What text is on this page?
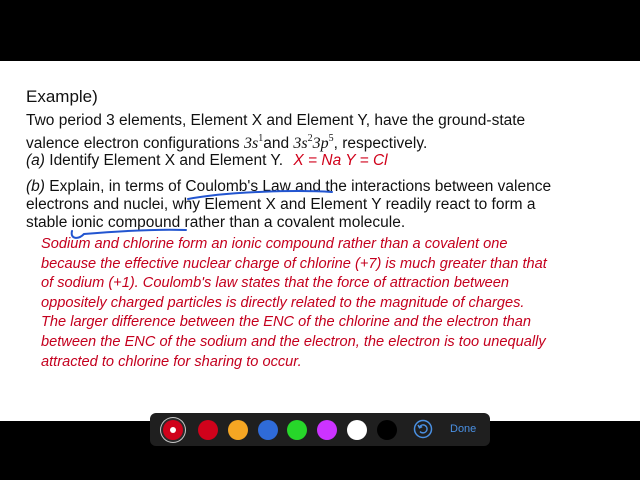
Example)
Two period 3 elements, Element X and Element Y, have the ground-state
valence electron configurations $3s^1and$ $3s^23p^5$, respectively.
(a) Identify Element X and Element Y. X = Na Y = Cl
(b) Explain, in terms of Coulomb's Law and the interactions between valence
electrons and nuclei, why Element X and Element Y readily react to form a
stable ionic compound rather than a covalent molecule.
Sodium and chlorine form an ionic compound rather than a covalent one
because the effective nuclear charge of chlorine (+7) is much greater than that
of sodium (+1). Coulomb's law states that the force of attraction between
oppositely charged particles is directly related to the magnitude of charges.
The larger difference between the ENC of the chlorine and the electron than
between the ENC of the sodium and the electron, the electron is too unequally
attracted to chlorine for sharing to occur.
Done
